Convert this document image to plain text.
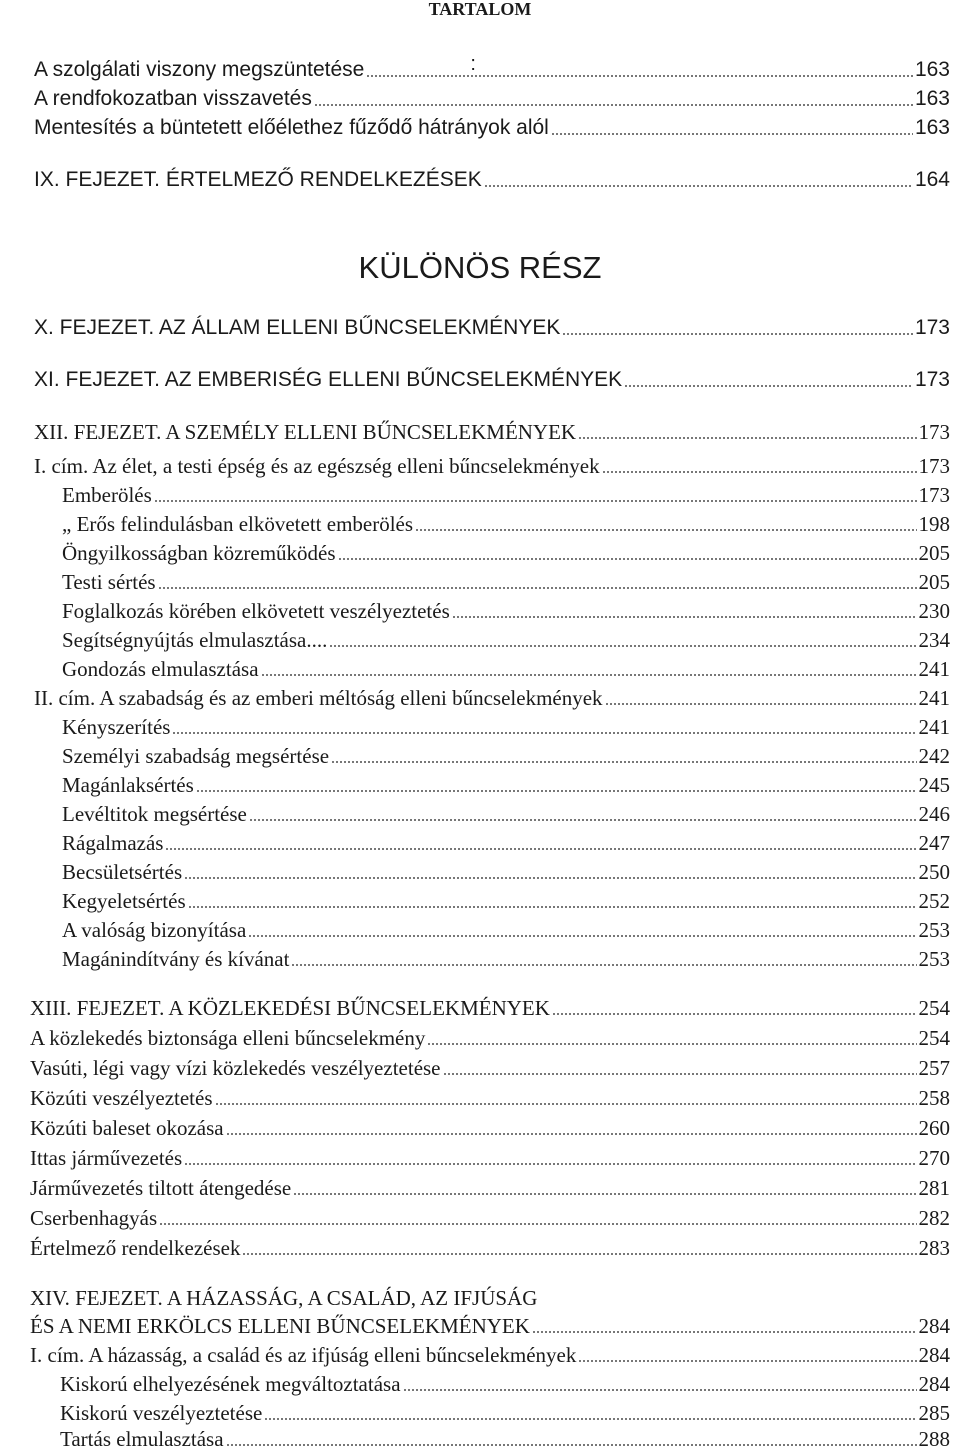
TARTALOM
A szolgálati viszony megszüntetése	:	163
A rendfokozatban visszavetés	163
Mentesítés a büntetett előélethez fűződő hátrányok alól	163
IX. FEJEZET. ÉRTELMEZŐ RENDELKEZÉSEK	164
KÜLÖNÖS RÉSZ
X. FEJEZET. AZ ÁLLAM ELLENI BŰNCSELEKMÉNYEK	173
XI. FEJEZET. AZ EMBERISÉG ELLENI BŰNCSELEKMÉNYEK	173
XII. FEJEZET. A SZEMÉLY ELLENI BŰNCSELEKMÉNYEK	173
I. cím. Az élet, a testi épség és az egészség elleni bűncselekmények	173
Emberölés	173
„ Erős felindulásban elkövetett emberölés	198
Öngyilkosságban közreműködés	205
Testi sértés	205
Foglalkozás körében elkövetett veszélyeztetés	230
Segítségnyújtás elmulasztása....	234
Gondozás elmulasztása	241
II. cím. A szabadság és az emberi méltóság elleni bűncselekmények	241
Kényszerítés	241
Személyi szabadság megsértése	242
Magánlaksértés	245
Levéltitok megsértése	246
Rágalmazás	247
Becsületsértés	250
Kegyeletsértés	252
A valóság bizonyítása	253
Magánindítvány és kívánat	253
XIII. FEJEZET. A KÖZLEKEDÉSI BŰNCSELEKMÉNYEK	254
A közlekedés biztonsága elleni bűncselekmény	254
Vasúti, légi vagy vízi közlekedés veszélyeztetése	257
Közúti veszélyeztetés	258
Közúti baleset okozása	260
Ittas járművezetés	270
Járművezetés tiltott átengedése	281
Cserbenhagyás	282
Értelmező rendelkezések	283
XIV. FEJEZET. A HÁZASSÁG, A CSALÁD, AZ IFJÚSÁG
ÉS A NEMI ERKÖLCS ELLENI BŰNCSELEKMÉNYEK	284
I. cím. A házasság, a család és az ifjúság elleni bűncselekmények	284
Kiskorú elhelyezésének megváltoztatása	284
Kiskorú veszélyeztetése	285
Tartás elmulasztása	288
